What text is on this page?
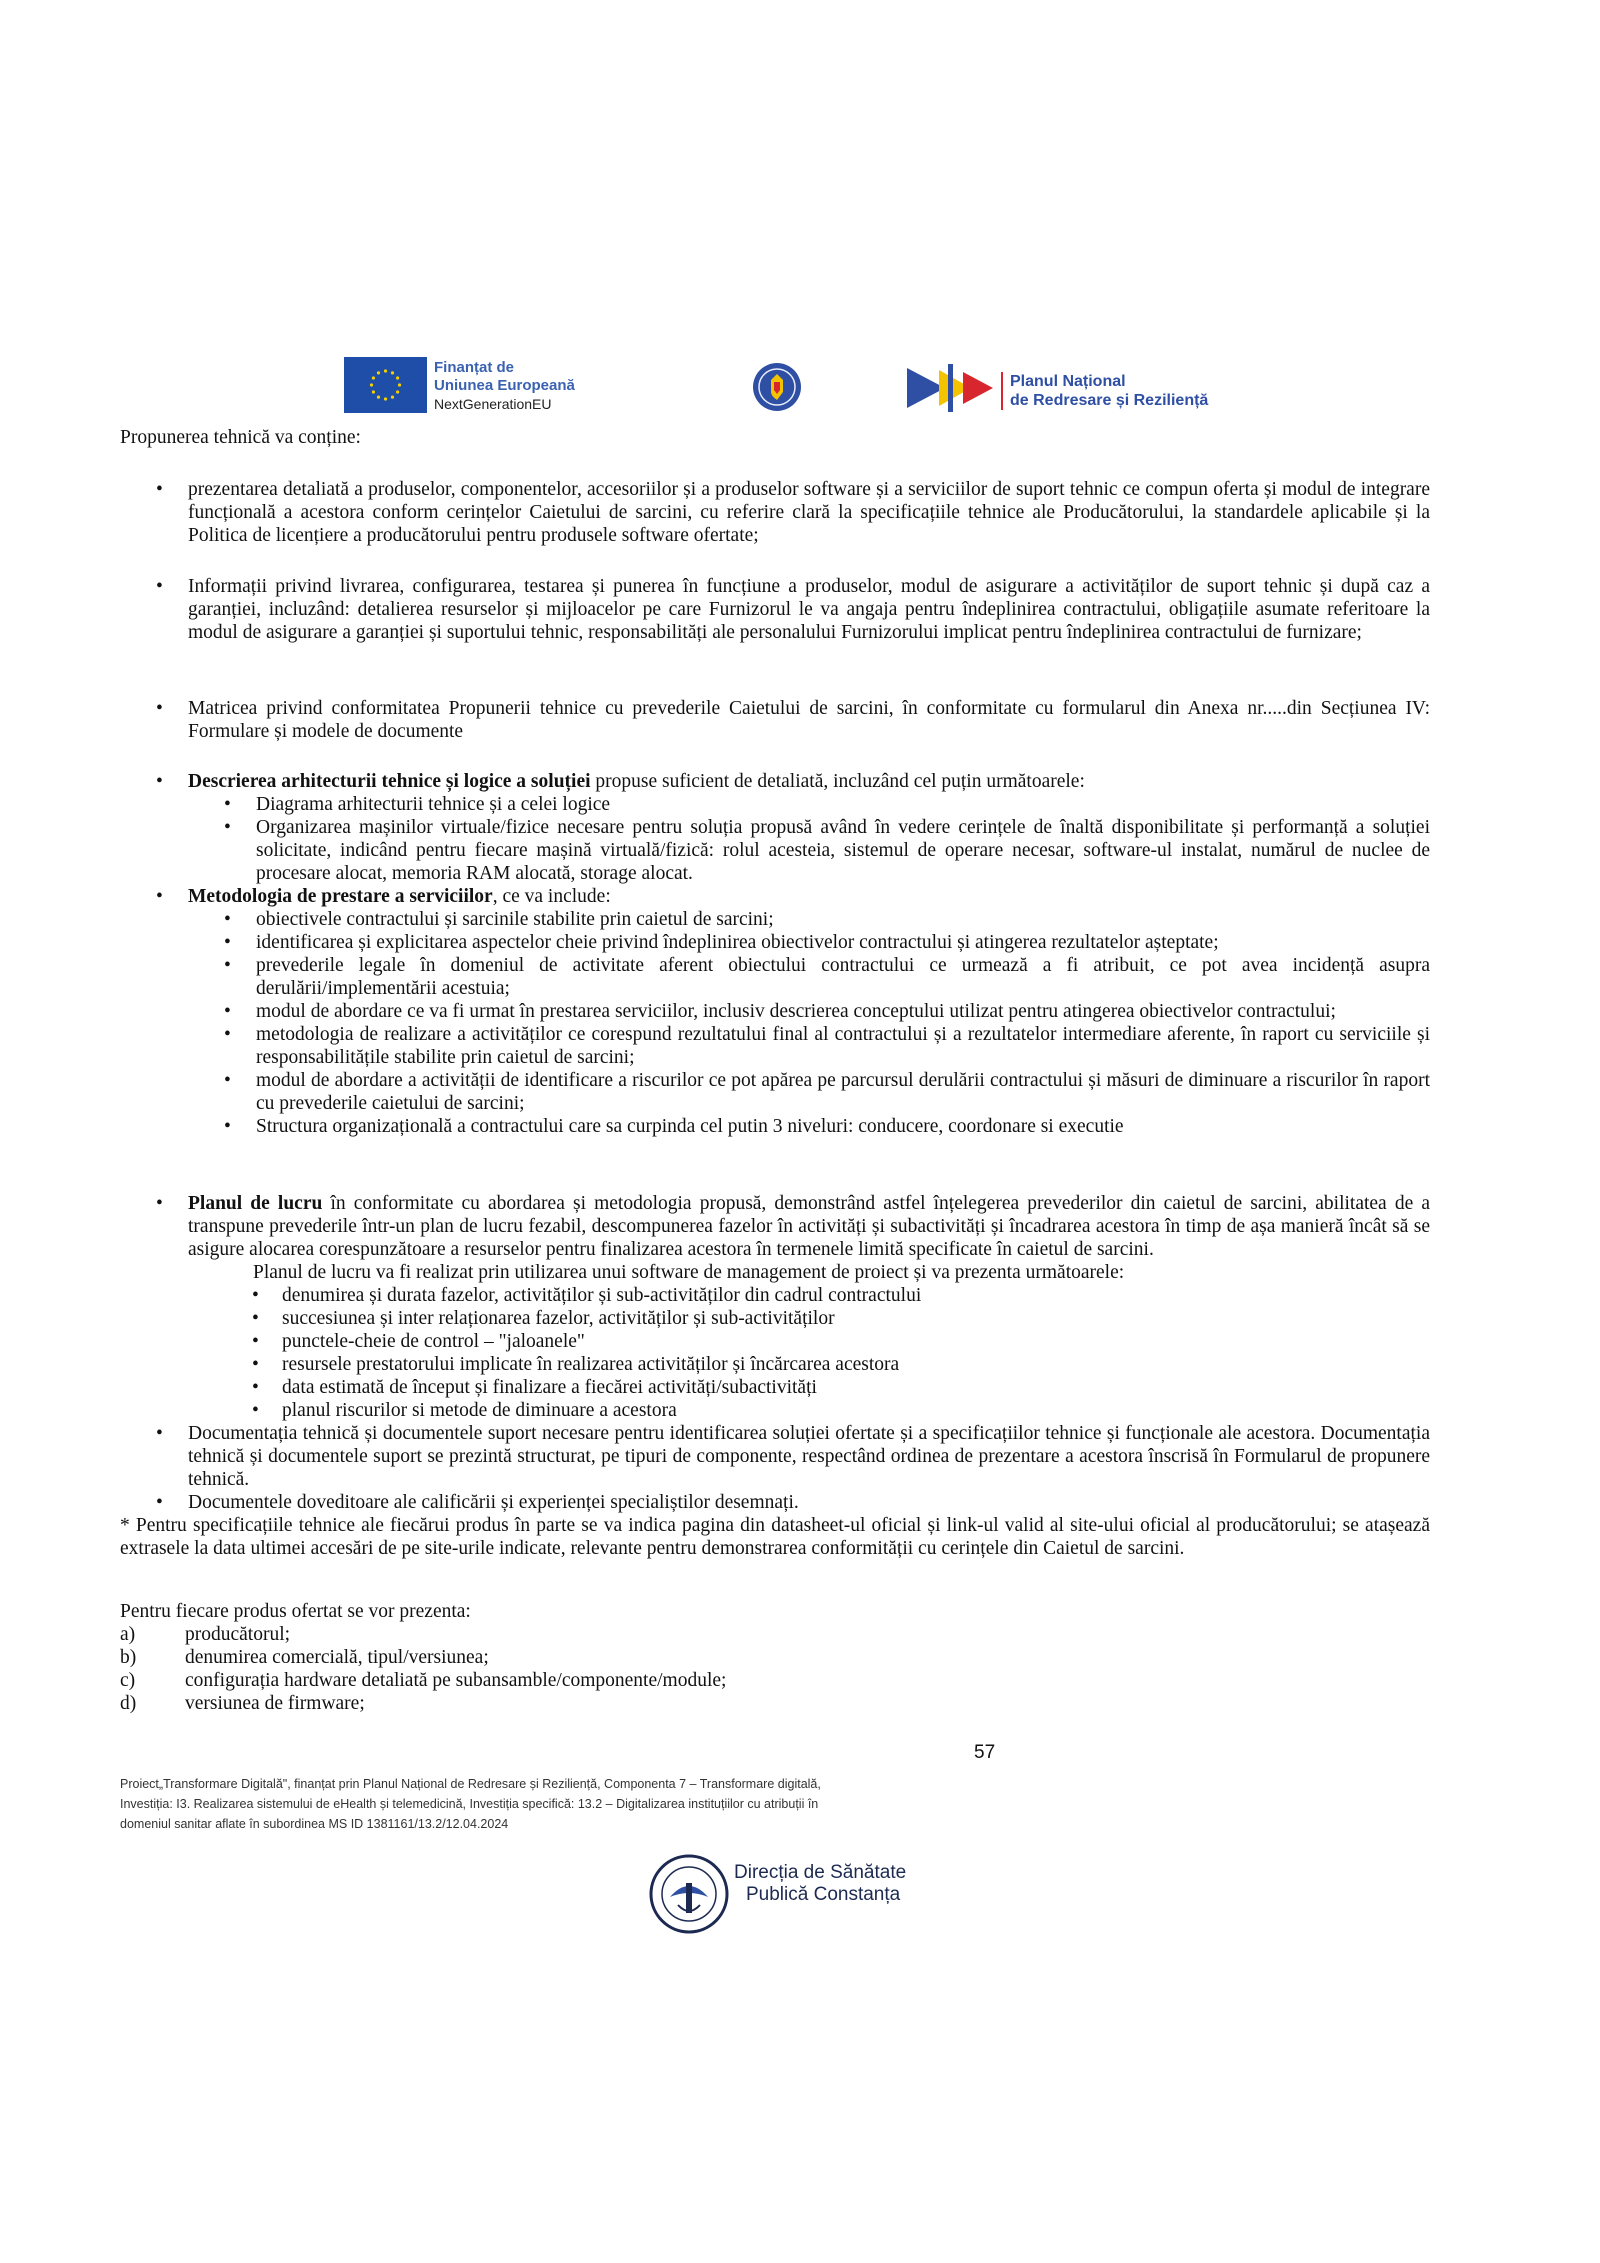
Finanțat de
Uniunea Europeană
NextGenerationEU
Planul Național
de Redresare și Reziliență
Propunerea tehnică va conține:
• prezentarea detaliată a produselor, componentelor, accesoriilor și a produselor software și a serviciilor de suport tehnic ce compun oferta și modul de integrare funcțională a acestora conform cerințelor Caietului de sarcini, cu referire clară la specificațiile tehnice ale Producătorului, la standardele aplicabile și la Politica de licențiere a producătorului pentru produsele software ofertate;
• Informații privind livrarea, configurarea, testarea și punerea în funcțiune a produselor, modul de asigurare a activităților de suport tehnic și după caz a garanției, incluzând: detalierea resurselor și mijloacelor pe care Furnizorul le va angaja pentru îndeplinirea contractului, obligațiile asumate referitoare la modul de asigurare a garanției și suportului tehnic, responsabilități ale personalului Furnizorului implicat pentru îndeplinirea contractului de furnizare;
• Matricea privind conformitatea Propunerii tehnice cu prevederile Caietului de sarcini, în conformitate cu formularul din Anexa nr.....din Secțiunea IV: Formulare și modele de documente
• Descrierea arhitecturii tehnice și logice a soluției propuse suficient de detaliată, incluzând cel puțin următoarele:
• Diagrama arhitecturii tehnice și a celei logice
• Organizarea mașinilor virtuale/fizice necesare pentru soluția propusă având în vedere cerințele de înaltă disponibilitate și performanță a soluției solicitate, indicând pentru fiecare mașină virtuală/fizică: rolul acesteia, sistemul de operare necesar, software-ul instalat, numărul de nuclee de procesare alocat, memoria RAM alocată, storage alocat.
• Metodologia de prestare a serviciilor, ce va include:
• obiectivele contractului și sarcinile stabilite prin caietul de sarcini;
• identificarea și explicitarea aspectelor cheie privind îndeplinirea obiectivelor contractului și atingerea rezultatelor așteptate;
• prevederile legale în domeniul de activitate aferent obiectului contractului ce urmează a fi atribuit, ce pot avea incidență asupra derulării/implementării acestuia;
• modul de abordare ce va fi urmat în prestarea serviciilor, inclusiv descrierea conceptului utilizat pentru atingerea obiectivelor contractului;
• metodologia de realizare a activităților ce corespund rezultatului final al contractului și a rezultatelor intermediare aferente, în raport cu serviciile și responsabilitățile stabilite prin caietul de sarcini;
• modul de abordare a activității de identificare a riscurilor ce pot apărea pe parcursul derulării contractului și măsuri de diminuare a riscurilor în raport cu prevederile caietului de sarcini;
• Structura organizațională a contractului care sa curpinda cel putin 3 niveluri: conducere, coordonare si executie
• Planul de lucru în conformitate cu abordarea și metodologia propusă, demonstrând astfel înțelegerea prevederilor din caietul de sarcini, abilitatea de a transpune prevederile într-un plan de lucru fezabil, descompunerea fazelor în activități și subactivități și încadrarea acestora în timp de așa manieră încât să se asigure alocarea corespunzătoare a resurselor pentru finalizarea acestora în termenele limită specificate în caietul de sarcini.
Planul de lucru va fi realizat prin utilizarea unui software de management de proiect și va prezenta următoarele:
• denumirea și durata fazelor, activităților și sub-activităților din cadrul contractului
• succesiunea și inter relaționarea fazelor, activităților și sub-activităților
• punctele-cheie de control – "jaloanele"
• resursele prestatorului implicate în realizarea activităților și încărcarea acestora
• data estimată de început și finalizare a fiecărei activități/subactivități
• planul riscurilor si metode de diminuare a acestora
• Documentația tehnică și documentele suport necesare pentru identificarea soluției ofertate și a specificațiilor tehnice și funcționale ale acestora. Documentația tehnică și documentele suport se prezintă structurat, pe tipuri de componente, respectând ordinea de prezentare a acestora înscrisă în Formularul de propunere tehnică.
• Documentele doveditoare ale calificării și experienței specialiștilor desemnați.
* Pentru specificațiile tehnice ale fiecărui produs în parte se va indica pagina din datasheet-ul oficial și link-ul valid al site-ului oficial al producătorului; se atașează extrasele la data ultimei accesări de pe site-urile indicate, relevante pentru demonstrarea conformității cu cerințele din Caietul de sarcini.
Pentru fiecare produs ofertat se vor prezenta:
a)	producătorul;
b)	denumirea comercială, tipul/versiunea;
c)	configurația hardware detaliată pe subansamble/componente/module;
d)	versiunea de firmware;
57
Proiect„Transformare Digitală", finanțat prin Planul Național de Redresare și Reziliență, Componenta 7 – Transformare digitală,
Investiția: I3. Realizarea sistemului de eHealth și telemedicină, Investiția specifică: 13.2 – Digitalizarea instituțiilor cu atribuții în
domeniul sanitar aflate în subordinea MS ID 1381161/13.2/12.04.2024
Direcția de Sănătate
Publică Constanța
